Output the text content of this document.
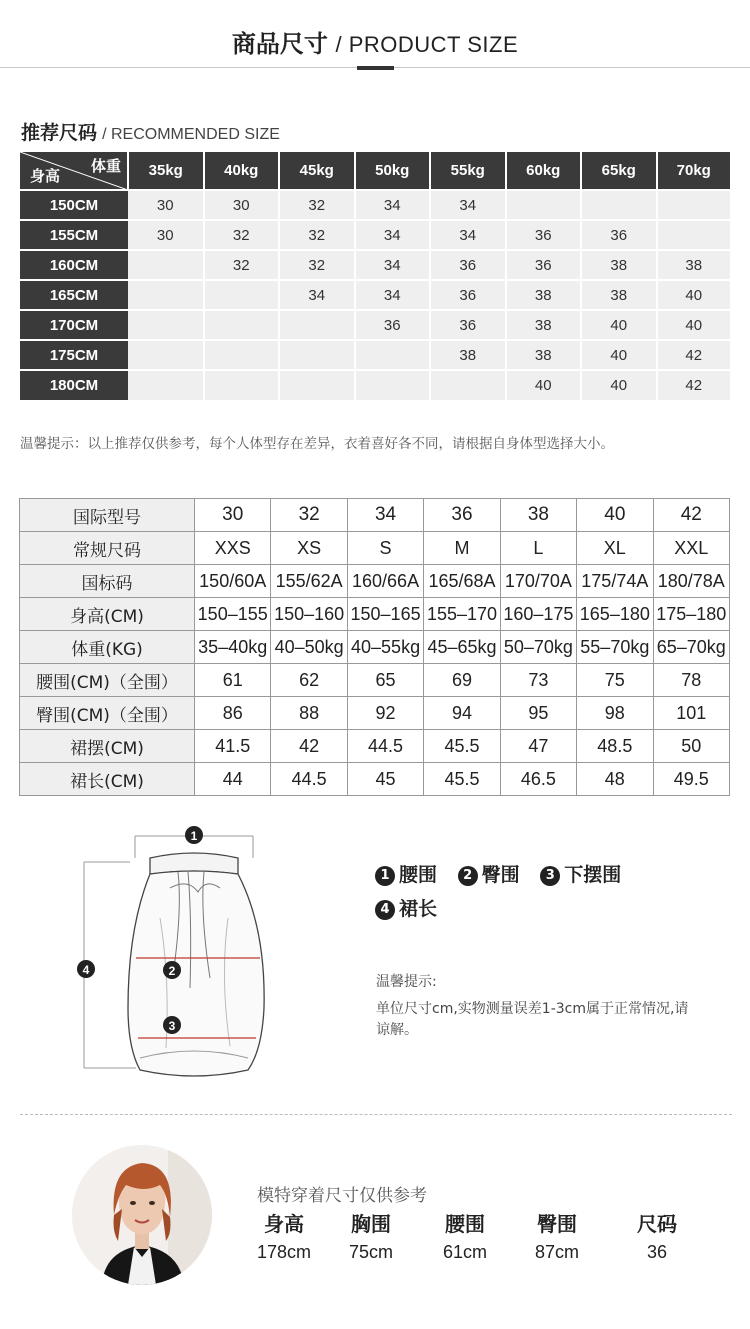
商品尺寸 / PRODUCT SIZE
推荐尺码 / RECOMMENDED SIZE
体重
身高	35kg	40kg	45kg	50kg	55kg	60kg	65kg	70kg
150CM	30	30	32	34	34			
155CM	30	32	32	34	34	36	36	
160CM		32	32	34	36	36	38	38
165CM			34	34	36	38	38	40
170CM				36	36	38	40	40
175CM					38	38	40	42
180CM						40	40	42
温馨提示：以上推荐仅供参考，每个人体型存在差异，衣着喜好各不同，请根据自身体型选择大小。
国际型号	30	32	34	36	38	40	42
常规尺码	XXS	XS	S	M	L	XL	XXL
国标码	150/60A	155/62A	160/66A	165/68A	170/70A	175/74A	180/78A
身高(CM)	150–155	150–160	150–165	155–170	160–175	165–180	175–180
体重(KG)	35–40kg	40–50kg	40–55kg	45–65kg	50–70kg	55–70kg	65–70kg
腰围(CM)（全围）	61	62	65	69	73	75	78
臀围(CM)（全围）	86	88	92	94	95	98	101
裙摆(CM)	41.5	42	44.5	45.5	47	48.5	50
裙长(CM)	44	44.5	45	45.5	46.5	48	49.5
1
2
3
4
1 腰围 2 臀围 3 下摆围
4 裙长
温馨提示:
单位尺寸cm,实物测量误差1-3cm属于正常情况,请谅解。
模特穿着尺寸仅供参考
身高
178cm
胸围
75cm
腰围
61cm
臀围
87cm
尺码
36
